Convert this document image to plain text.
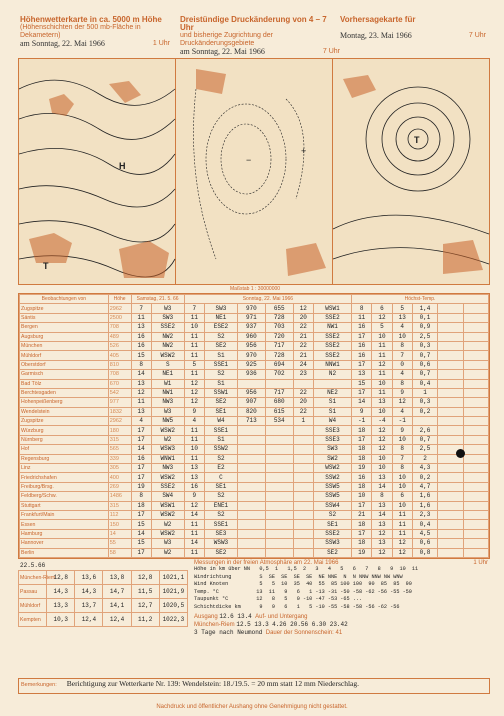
Höhenwetterkarte in ca. 5000 m Höhe
(Höhenschichten der 500 mb-Fläche in Dekametern)
am Sonntag, 22. Mai 1966	1 Uhr
Dreistündige Druckänderung von 4 – 7 Uhr
und bisherige Zugrichtung der Druckänderungsgebiete
am Sonntag, 22. Mai 1966	7 Uhr
Vorhersagekarte für

Montag, 23. Mai 1966	7 Uhr
H
T
−
+
T
Maßstab 1 : 30000000
Beobachtungen von	Höhe	Samstag, 21. 5. 66		Sonntag, 22. Mai 1966						Höchst-Temp.					
Zugspitze	2962	7	W3	7	SW3	970	655	12	WSW1	8	6	5	1,4		
Säntis	2500	11	SW3	11	NE1	971	728	20	SSE2	11	12	13	0,1		
Bergen	708	13	SSE2	10	ESE2	937	703	22	NW1	16	5	4	0,9		
Augsburg	489	16	NW2	11	S2	960	720	21	SSE2	17	10	10	2,5		
München	526	16	NW2	11	SE2	956	717	22	SSE2	16	11	8	0,3		
Mühldorf	405	15	WSW2	11	S1	970	728	21	SSE2	16	11	7	0,7		
Oberstdorf	810	8	S	5	SSE1	925	694	24	NNW1	17	12	0	0,6		
Garmisch	708	14	NE1	11	S2	936	702	23	N2	13	11	4	0,7		
Bad Tölz	670	13	W1	12	S1					15	10	8	0,4		
Berchtesgaden	542	12	NW1	12	SSW1	956	717	22	NE2	17	11	9	1		
Hohenpeißenberg	977	11	NW3	12	SE2	907	680	20	S1	14	13	12	0,3		
Wendelstein	1832	13	W3	9	SE1	820	615	22	S1	9	10	4	0,2		
Zugspitze	2962	4	NW5	4	W4	713	534	1	W4	-1	-4	-1			
Würzburg	180	17	WSW2	11	SSE1				SSE3	18	12	9	2,6		
Nürnberg	315	17	W2	11	S1				SSE3	17	12	10	0,7		
Hof	565	14	WSW3	10	SSW2				SW3	18	12	8	2,5		
Regensburg	339	16	WNW1	11	S2				SW2	18	10	7	2		
Linz	305	17	NW3	13	E2				WSW2	19	10	8	4,3		
Friedrichshafen	400	17	WSW2	13	C				SSW2	16	13	10	0,2		
Freiburg/Brsg.	269	19	SSE2	16	SE1				SSW5	18	14	10	4,7		
Feldberg/Schw.	1486	8	SW4	9	S2				SSW5	10	8	6	1,6		
Stuttgart	315	18	WSW1	12	ENE1				SSW4	17	13	10	1,6		
Frankfurt/Main	112	17	WSW2	14	S2				S2	21	14	11	2,3		
Essen	150	15	W2	11	SSE1				SE1	18	13	11	0,4		
Hamburg	14	14	WSW2	11	SE3				SSE2	17	12	11	4,5		
Hannover	55	15	W3	14	WSW3				SSW3	18	13	12	0,6		
Berlin	58	17	W2	11	SE2				SE2	19	12	12	0,8		
22.5.66
München-Riem	12,8	13,6	13,8	12,8	1021,1
Passau	14,3	14,3	14,7	11,5	1021,9
Mühldorf	13,3	13,7	14,1	12,7	1020,5
Kempten	10,3	12,4	12,4	11,2	1022,3
Messungen in der freien Atmosphäre am 22. Mai 1966	1 Uhr
Höhe in km über NN   0,5  1   1,5  2   3   4   5   6   7   8   9  10  11
Windrichtung         S  SE  SE  SE  SE  NE NNE  N  N NNW NNW NW WNW
Wind Knoten          5   5  10  35  40  55  85 100 100  90  85  85  90
Temp. °C            13  11   9   6   1 -13 -31 -50 -58 -62 -56 -55 -50
Taupunkt °C         12   8   5   0 -10 -47 -53 -65 ...
Schichtdicke km      9   9   6   1   5 -10 -55 -58 -58 -56 -62 -56
Ausgang 12.6 13.4 Auf- und Untergang
München-Riem 12.5 13.3 4.26 20.56 6.30 23.42
3 Tage nach Neumond Dauer der Sonnenschein: 41
Bemerkungen: Berichtigung zur Wetterkarte Nr. 139: Wendelstein: 18./19.5. = 20 mm statt 12 mm Niederschlag.
Nachdruck und öffentlicher Aushang ohne Genehmigung nicht gestattet.
